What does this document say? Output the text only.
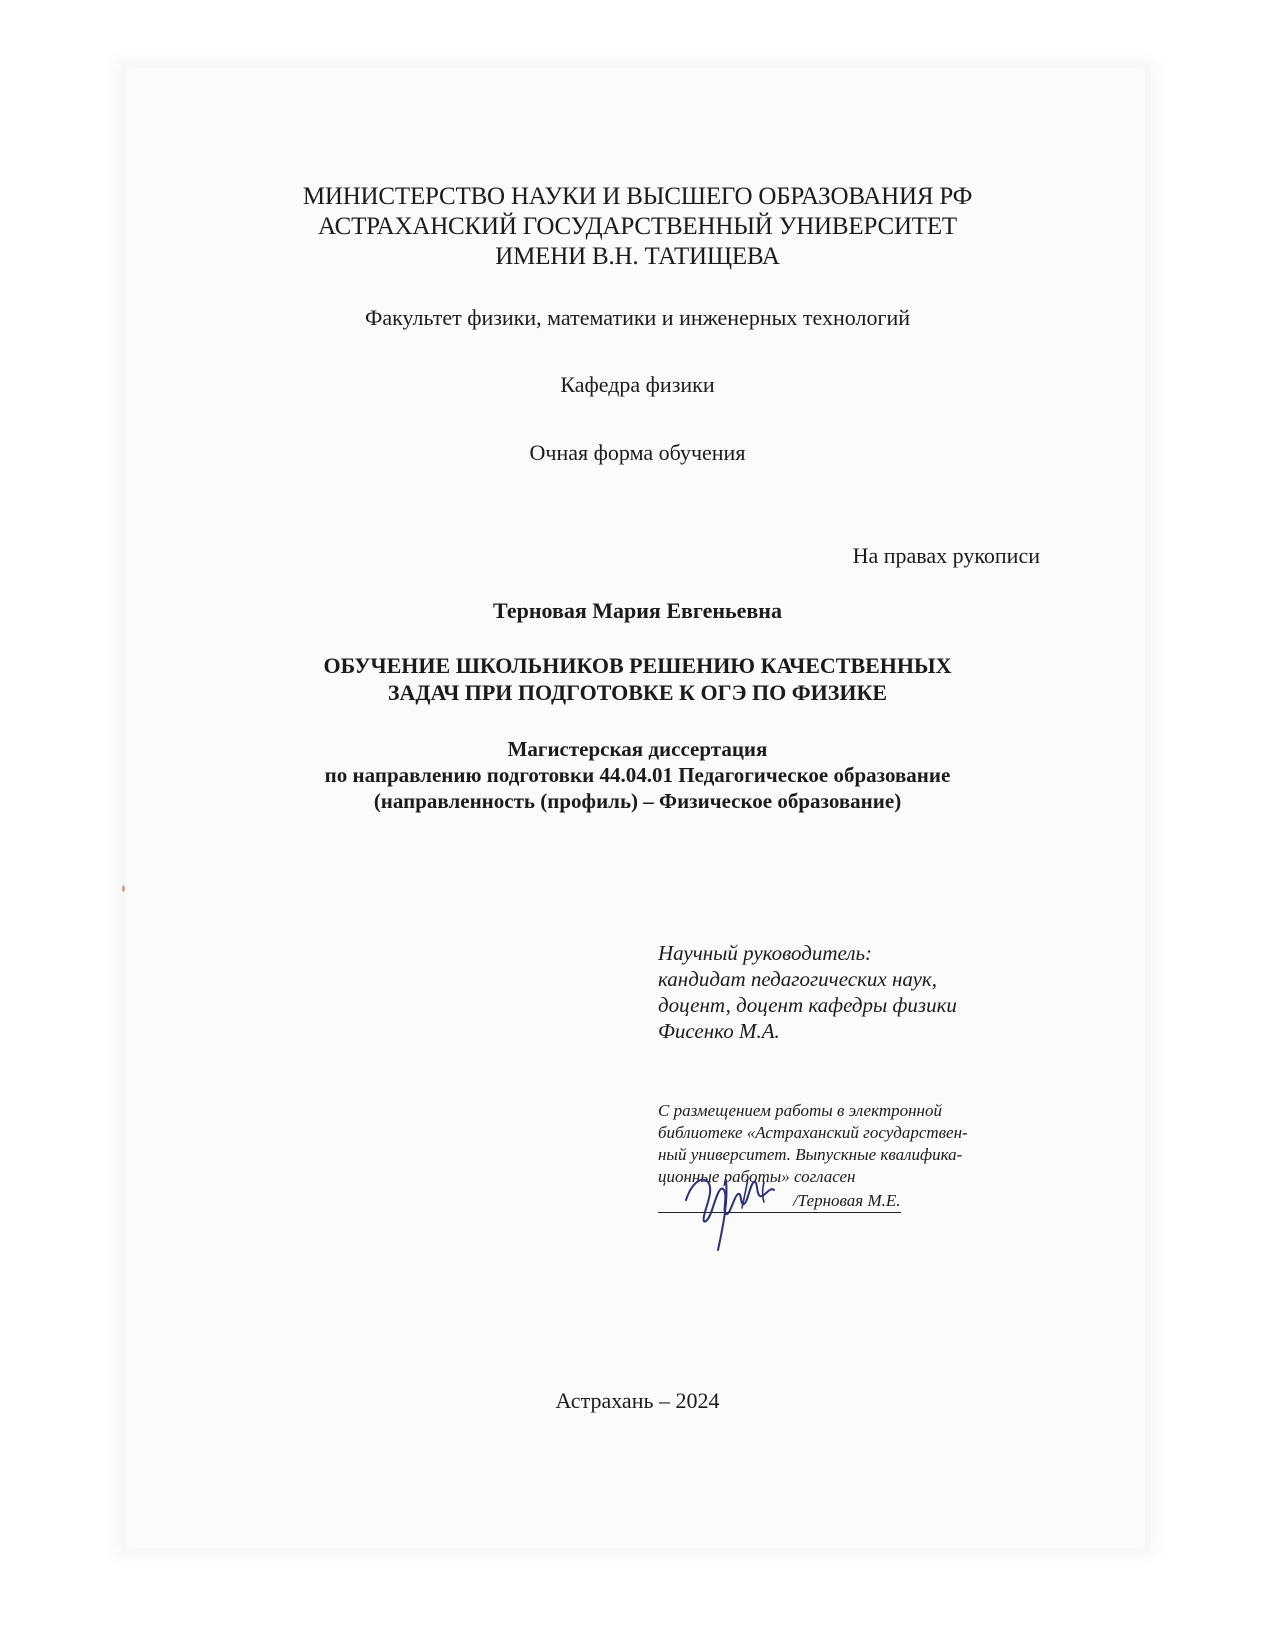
МИНИСТЕРСТВО НАУКИ И ВЫСШЕГО ОБРАЗОВАНИЯ РФ
АСТРАХАНСКИЙ ГОСУДАРСТВЕННЫЙ УНИВЕРСИТЕТ
ИМЕНИ В.Н. ТАТИЩЕВА
Факультет физики, математики и инженерных технологий
Кафедра физики
Очная форма обучения
На правах рукописи
Терновая Мария Евгеньевна
ОБУЧЕНИЕ ШКОЛЬНИКОВ РЕШЕНИЮ КАЧЕСТВЕННЫХ
ЗАДАЧ ПРИ ПОДГОТОВКЕ К ОГЭ ПО ФИЗИКЕ
Магистерская диссертация
по направлению подготовки 44.04.01 Педагогическое образование
(направленность (профиль) – Физическое образование)
Научный руководитель:
кандидат педагогических наук,
доцент, доцент кафедры физики
Фисенко М.А.
С размещением работы в электронной
библиотеке «Астраханский государствен-
ный университет. Выпускные квалифика-
ционные работы» согласен
/Терновая М.Е.
Астрахань – 2024
